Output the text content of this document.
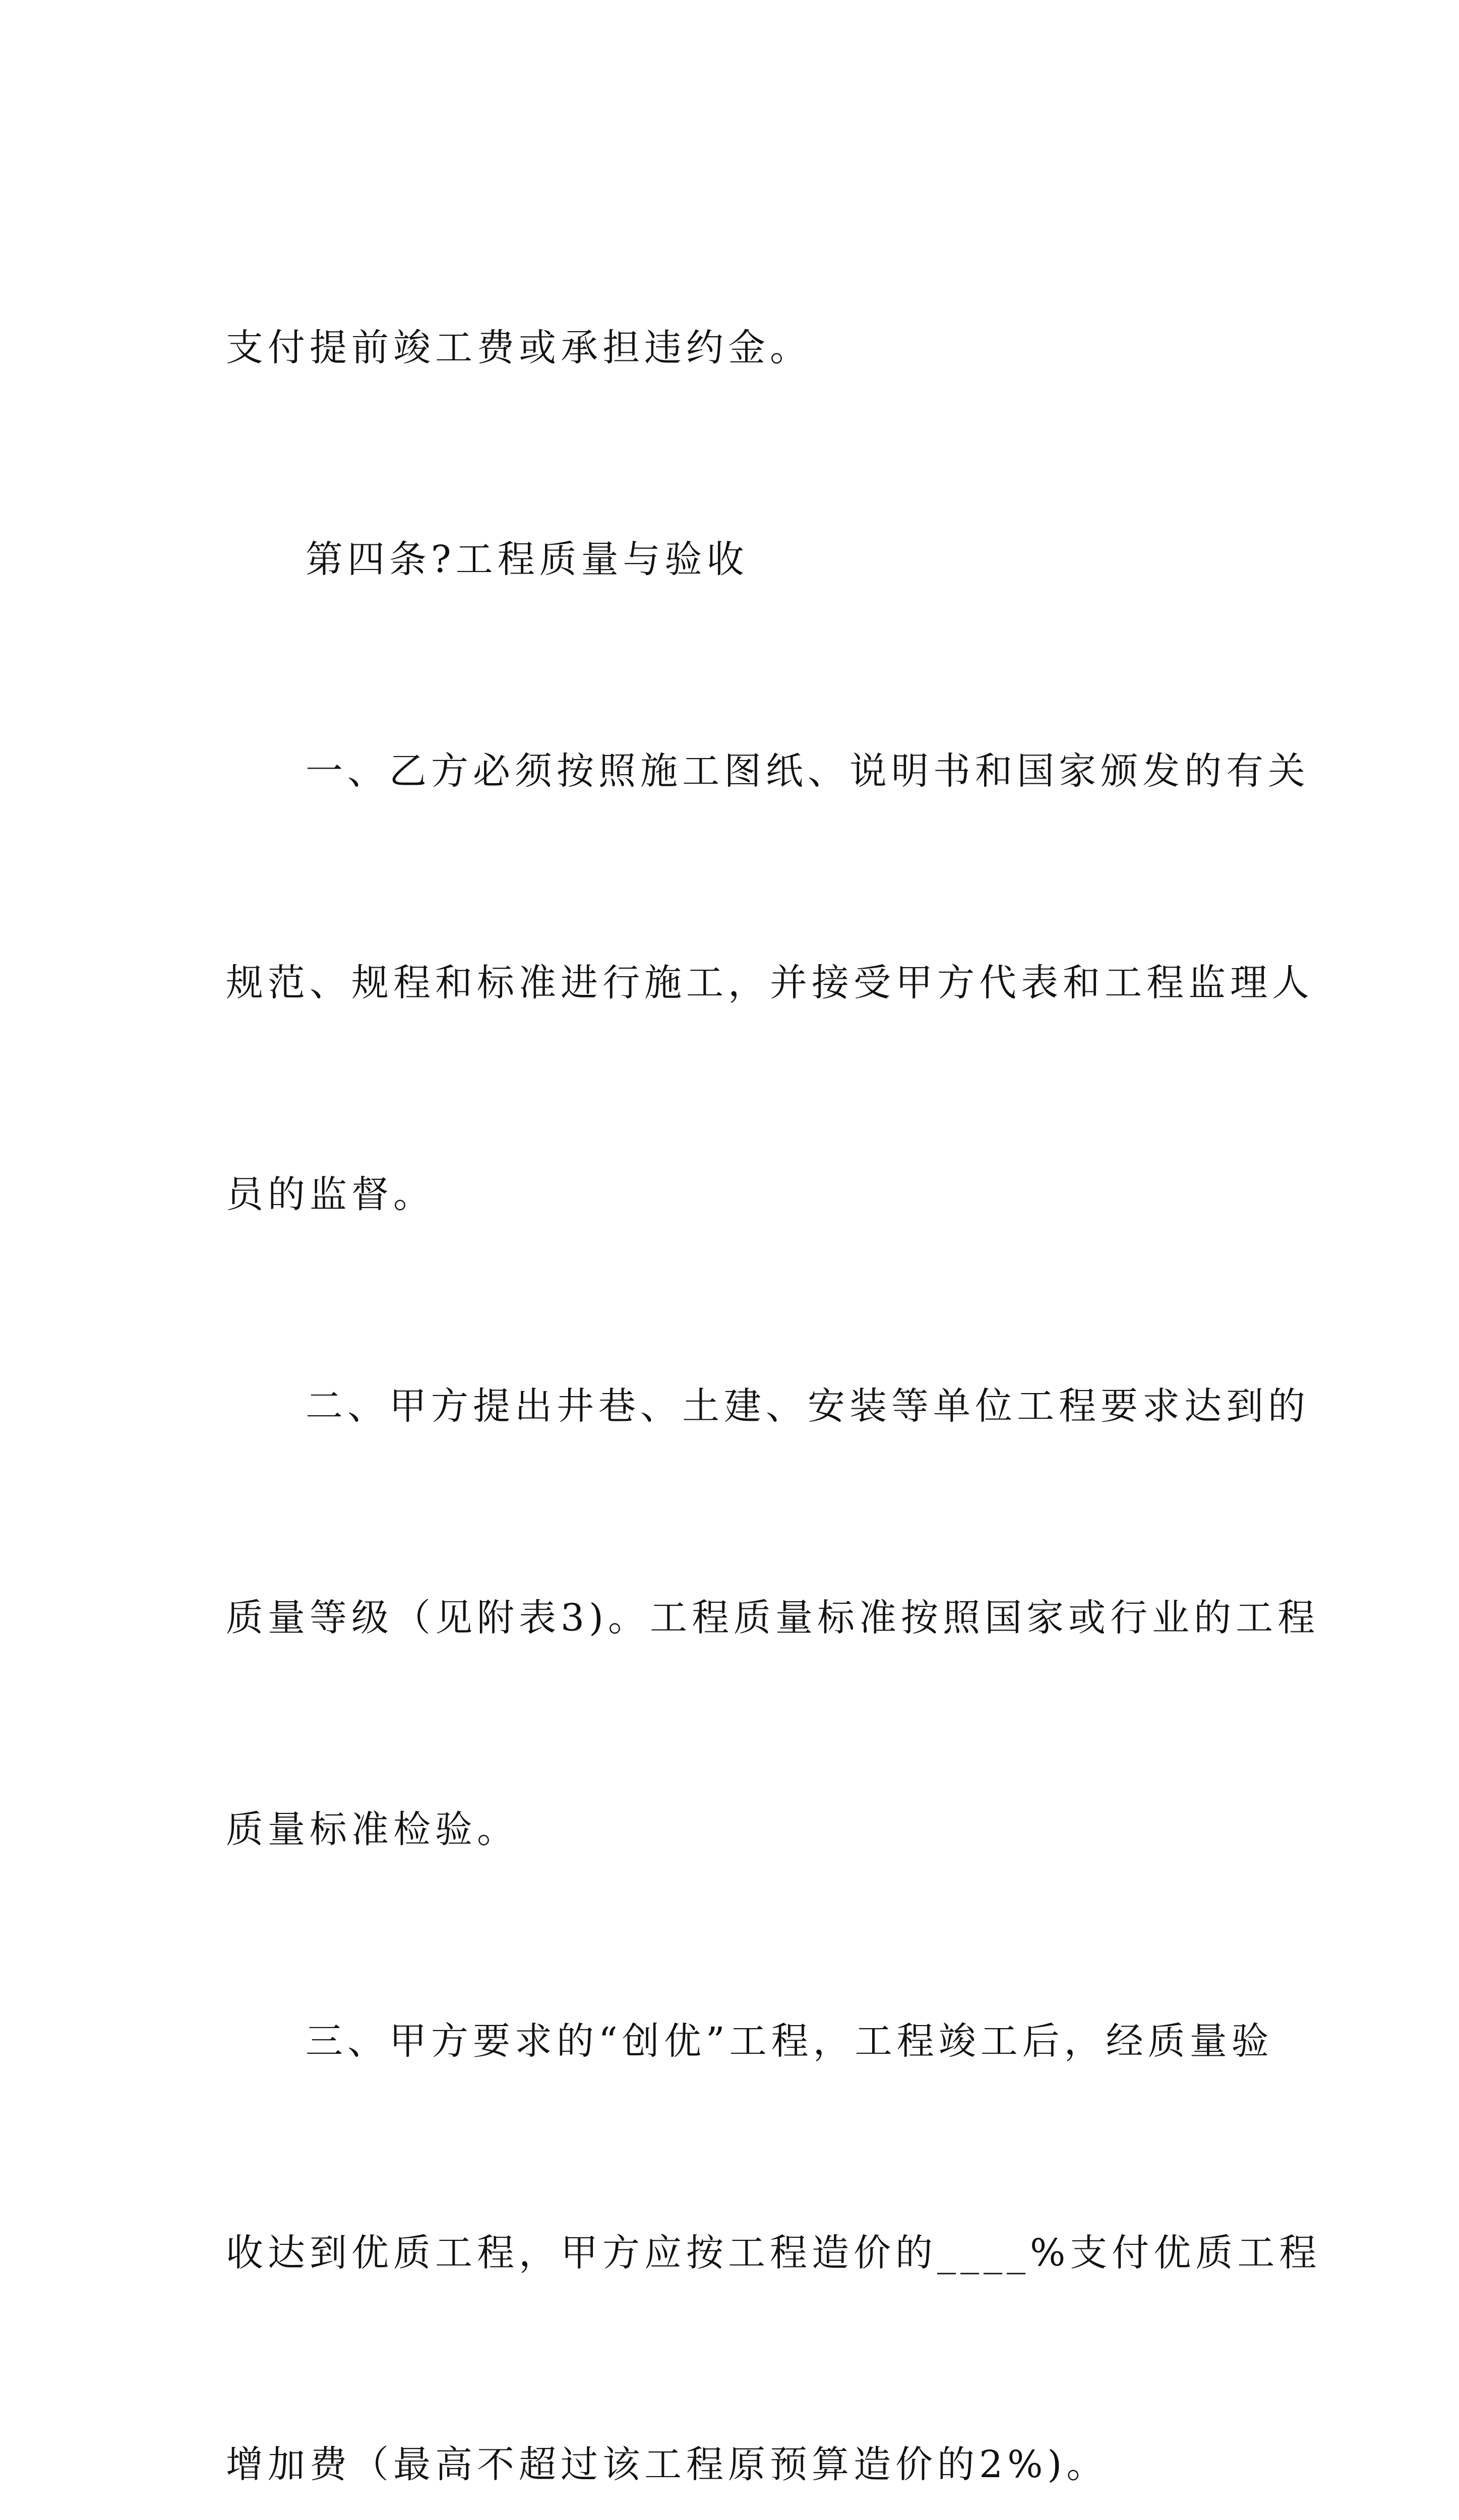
支付提前竣工费或承担违约金。

第四条?工程质量与验收

一、乙方必须按照施工图纸、说明书和国家颁发的有关

规范、规程和标准进行施工，并接受甲方代表和工程监理人

员的监督。

二、甲方提出井巷、土建、安装等单位工程要求达到的

质量等级（见附表3)。工程质量标准按照国家或行业的工程

质量标准检验。

三、甲方要求的“创优”工程，工程竣工后，经质量验

收达到优质工程，甲方应按工程造价的____%支付优质工程

增加费（最高不超过该工程原预算造价的2%)。
